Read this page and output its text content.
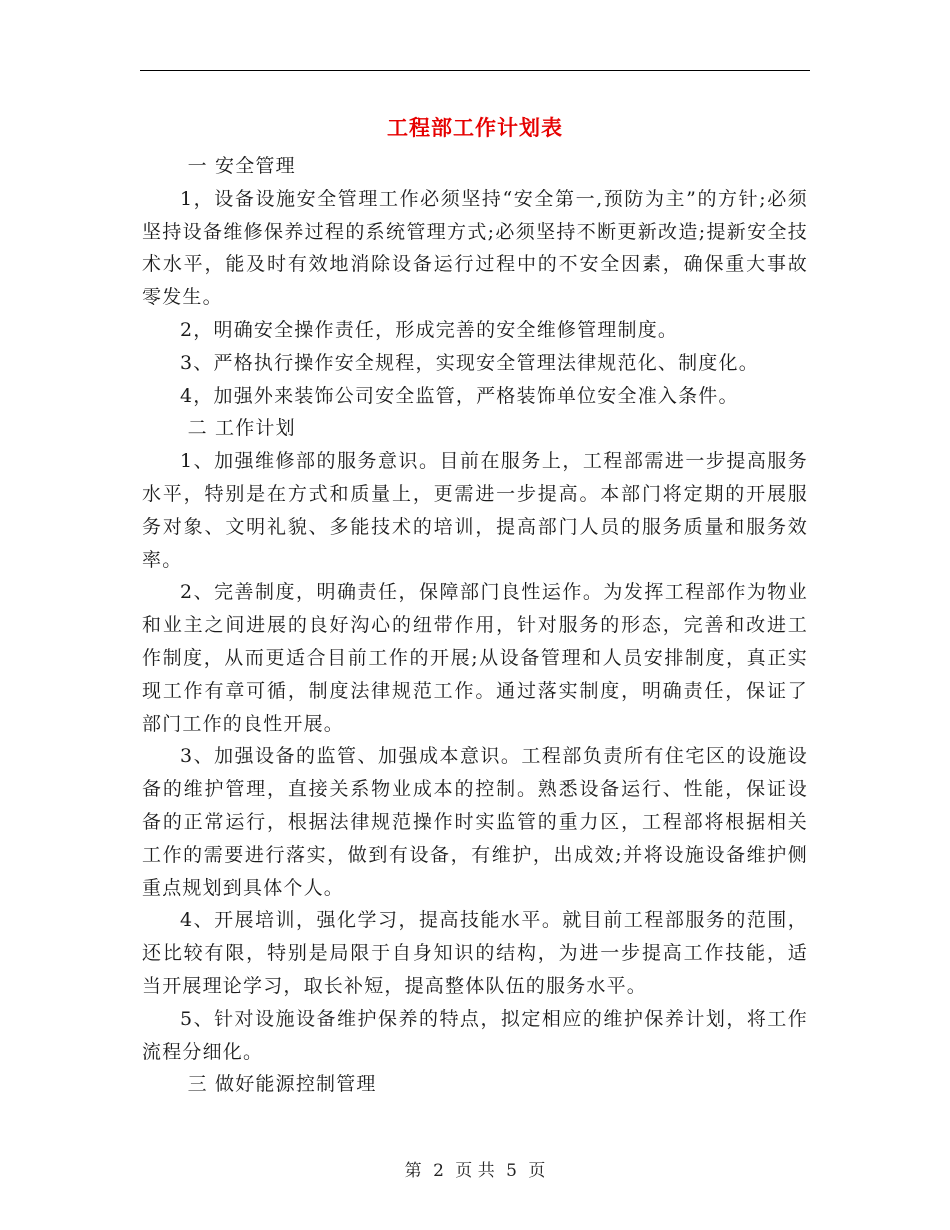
工程部工作计划表

一 安全管理

1，设备设施安全管理工作必须坚持“安全第一,预防为主”的方针;必须坚持设备维修保养过程的系统管理方式;必须坚持不断更新改造;提新安全技术水平，能及时有效地消除设备运行过程中的不安全因素，确保重大事故零发生。

2，明确安全操作责任，形成完善的安全维修管理制度。

3、严格执行操作安全规程，实现安全管理法律规范化、制度化。

4，加强外来装饰公司安全监管，严格装饰单位安全准入条件。

二 工作计划

1、加强维修部的服务意识。目前在服务上，工程部需进一步提高服务水平，特别是在方式和质量上，更需进一步提高。本部门将定期的开展服务对象、文明礼貌、多能技术的培训，提高部门人员的服务质量和服务效率。

2、完善制度，明确责任，保障部门良性运作。为发挥工程部作为物业和业主之间进展的良好沟心的纽带作用，针对服务的形态，完善和改进工作制度，从而更适合目前工作的开展;从设备管理和人员安排制度，真正实现工作有章可循，制度法律规范工作。通过落实制度，明确责任，保证了部门工作的良性开展。

3、加强设备的监管、加强成本意识。工程部负责所有住宅区的设施设备的维护管理，直接关系物业成本的控制。熟悉设备运行、性能，保证设备的正常运行，根据法律规范操作时实监管的重力区，工程部将根据相关工作的需要进行落实，做到有设备，有维护，出成效;并将设施设备维护侧重点规划到具体个人。

4、开展培训，强化学习，提高技能水平。就目前工程部服务的范围，还比较有限，特别是局限于自身知识的结构，为进一步提高工作技能，适当开展理论学习，取长补短，提高整体队伍的服务水平。

5、针对设施设备维护保养的特点，拟定相应的维护保养计划，将工作流程分细化。

三 做好能源控制管理

第 2 页 共 5 页
